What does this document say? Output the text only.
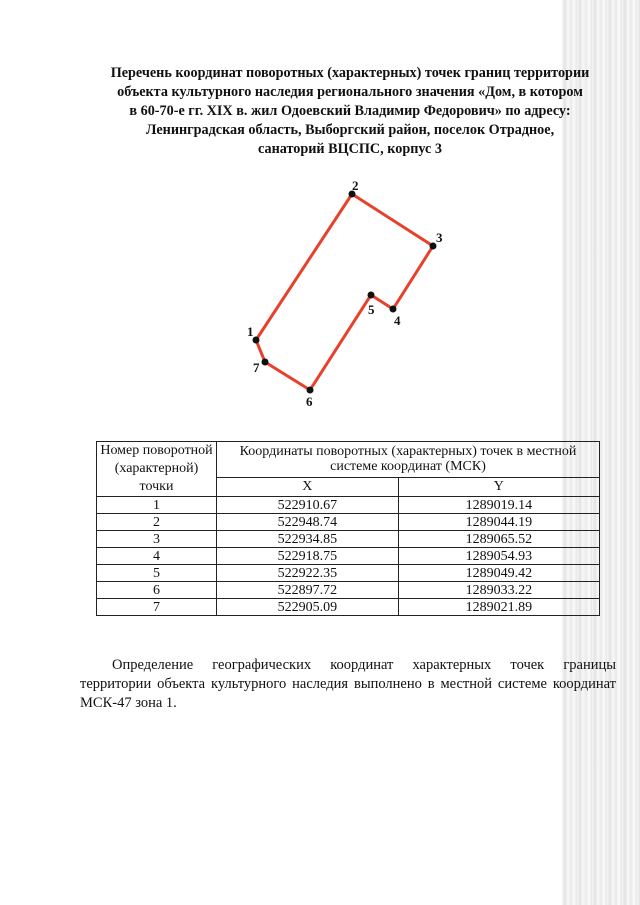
Перечень координат поворотных (характерных) точек границ территории
объекта культурного наследия регионального значения «Дом, в котором
в 60-70-е гг. XIX в. жил Одоевский Владимир Федорович» по адресу:
Ленинградская область, Выборгский район, поселок Отрадное,
санаторий ВЦСПС, корпус 3
1
2
3
4
5
6
7
Номер поворотной (характерной) точки	Координаты поворотных (характерных) точек в местной системе координат (МСК)	
	X	Y
1	522910.67	1289019.14
2	522948.74	1289044.19
3	522934.85	1289065.52
4	522918.75	1289054.93
5	522922.35	1289049.42
6	522897.72	1289033.22
7	522905.09	1289021.89
Определение географических координат характерных точек границы
территории объекта культурного наследия выполнено в местной системе координат МСК-47 зона 1.
